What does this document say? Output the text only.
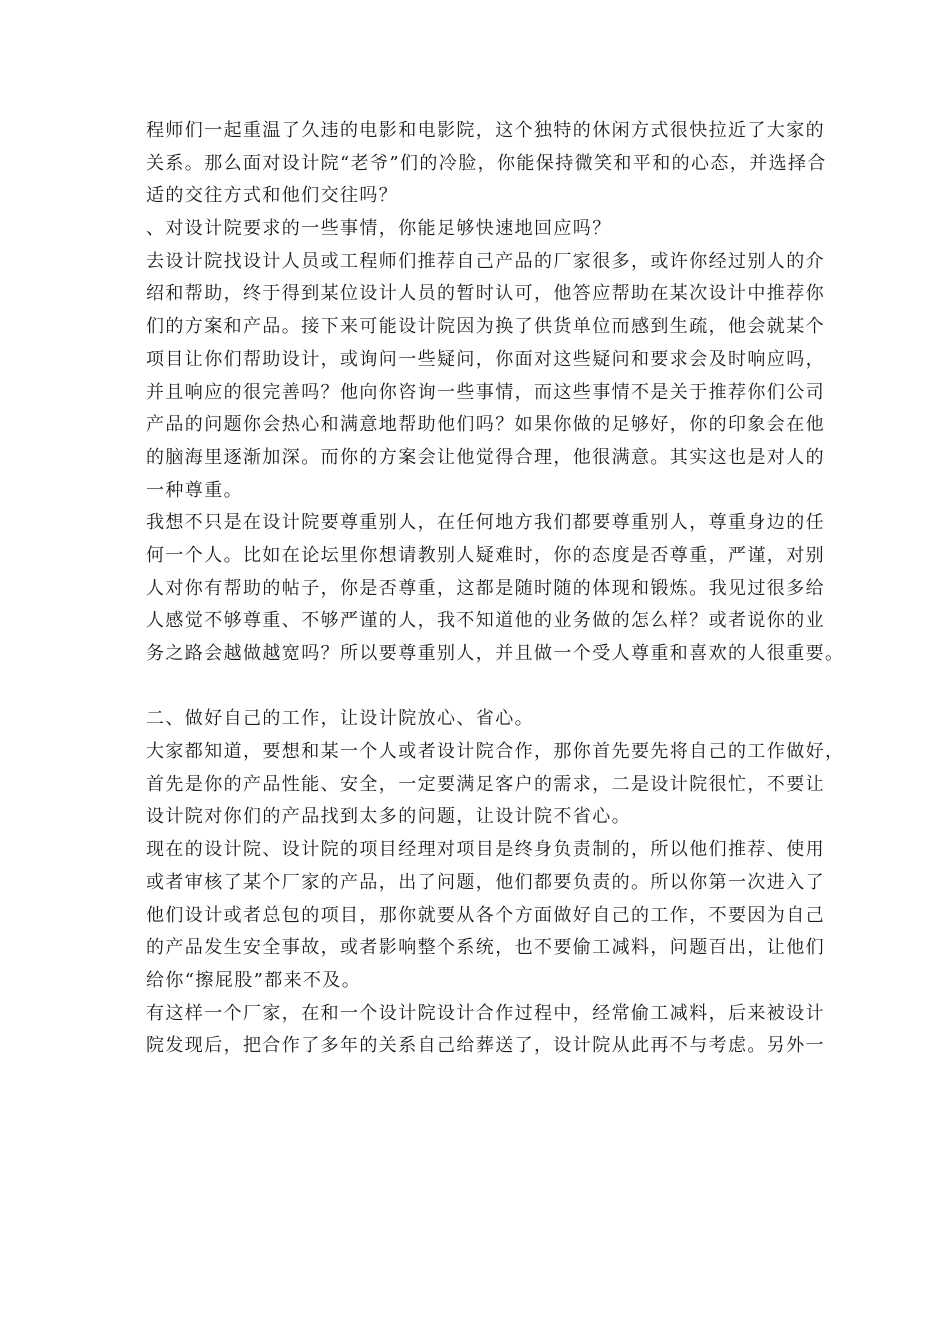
程师们一起重温了久违的电影和电影院，这个独特的休闲方式很快拉近了大家的
关系。那么面对设计院“老爷”们的冷脸，你能保持微笑和平和的心态，并选择合
适的交往方式和他们交往吗？
、对设计院要求的一些事情，你能足够快速地回应吗？
去设计院找设计人员或工程师们推荐自己产品的厂家很多，或许你经过别人的介
绍和帮助，终于得到某位设计人员的暂时认可，他答应帮助在某次设计中推荐你
们的方案和产品。接下来可能设计院因为换了供货单位而感到生疏，他会就某个
项目让你们帮助设计，或询问一些疑问，你面对这些疑问和要求会及时响应吗，
并且响应的很完善吗？他向你咨询一些事情，而这些事情不是关于推荐你们公司
产品的问题你会热心和满意地帮助他们吗？如果你做的足够好，你的印象会在他
的脑海里逐渐加深。而你的方案会让他觉得合理，他很满意。其实这也是对人的
一种尊重。
我想不只是在设计院要尊重别人，在任何地方我们都要尊重别人，尊重身边的任
何一个人。比如在论坛里你想请教别人疑难时，你的态度是否尊重，严谨，对别
人对你有帮助的帖子，你是否尊重，这都是随时随的体现和锻炼。我见过很多给
人感觉不够尊重、不够严谨的人，我不知道他的业务做的怎么样？或者说你的业
务之路会越做越宽吗？所以要尊重别人，并且做一个受人尊重和喜欢的人很重要。
二、做好自己的工作，让设计院放心、省心。
大家都知道，要想和某一个人或者设计院合作，那你首先要先将自己的工作做好，
首先是你的产品性能、安全，一定要满足客户的需求，二是设计院很忙，不要让
设计院对你们的产品找到太多的问题，让设计院不省心。
现在的设计院、设计院的项目经理对项目是终身负责制的，所以他们推荐、使用
或者审核了某个厂家的产品，出了问题，他们都要负责的。所以你第一次进入了
他们设计或者总包的项目，那你就要从各个方面做好自己的工作，不要因为自己
的产品发生安全事故，或者影响整个系统，也不要偷工减料，问题百出，让他们
给你“擦屁股”都来不及。
有这样一个厂家，在和一个设计院设计合作过程中，经常偷工减料，后来被设计
院发现后，把合作了多年的关系自己给葬送了，设计院从此再不与考虑。另外一
